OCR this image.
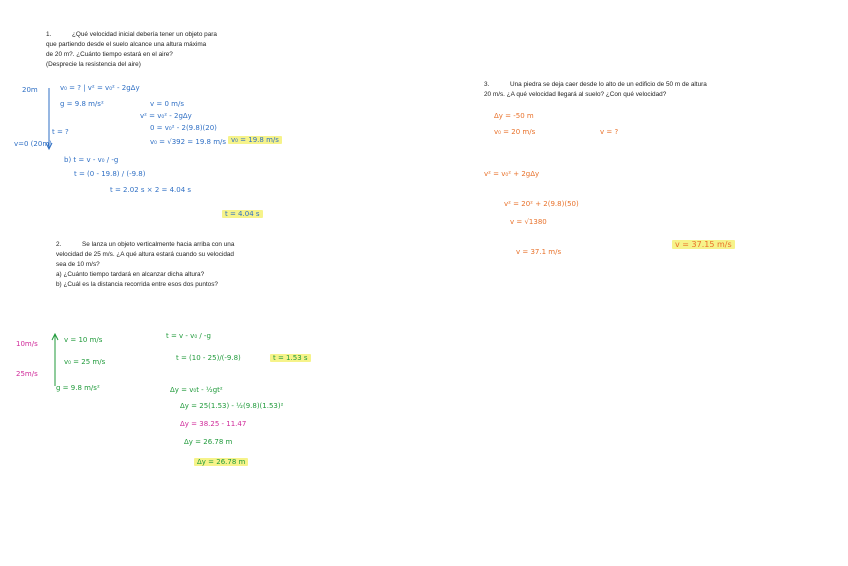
1.	¿Qué velocidad inicial debería tener un objeto para
que partiendo desde el suelo alcance una altura máxima
de 20 m?. ¿Cuánto tiempo estará en el aire?
(Desprecie la resistencia del aire)
20m	v₀ = ? | v² = v₀² - 2gΔy
g = 9.8 m/s²	v = 0 m/s
t = ?
v=0 (20m)
v² = v₀² - 2gΔy
0 = v₀² - 2(9.8)(20)
v₀ = √392 = 19.8 m/s v₀ = 19.8 m/s
b) t = v - v₀ / -g
t = (0 - 19.8) / (-9.8)
t = 2.02 s × 2 = 4.04 s
t = 4.04 s
2.	Se lanza un objeto verticalmente hacia arriba con una
velocidad de 25 m/s. ¿A qué altura estará cuando su velocidad
sea de 10 m/s?
a) ¿Cuánto tiempo tardará en alcanzar dicha altura?
b) ¿Cuál es la distancia recorrida entre esos dos puntos?
10m/s
25m/s
v = 10 m/s
v₀ = 25 m/s
g = 9.8 m/s²
t = v - v₀ / -g
t = (10 - 25)/(-9.8)	t = 1.53 s
Δy = v₀t - ½gt²
Δy = 25(1.53) - ½(9.8)(1.53)²
Δy = 38.25 - 11.47
Δy = 26.78 m
Δy = 26.78 m
3.	Una piedra se deja caer desde lo alto de un edificio de 50 m de altura
20 m/s. ¿A qué velocidad llegará al suelo? ¿Con qué velocidad?
Δy = -50 m
v₀ = 20 m/s	v = ?
v² = v₀² + 2gΔy
v² = 20² + 2(9.8)(50)
v = √1380
v = 37.1 m/s
v = 37.15 m/s
